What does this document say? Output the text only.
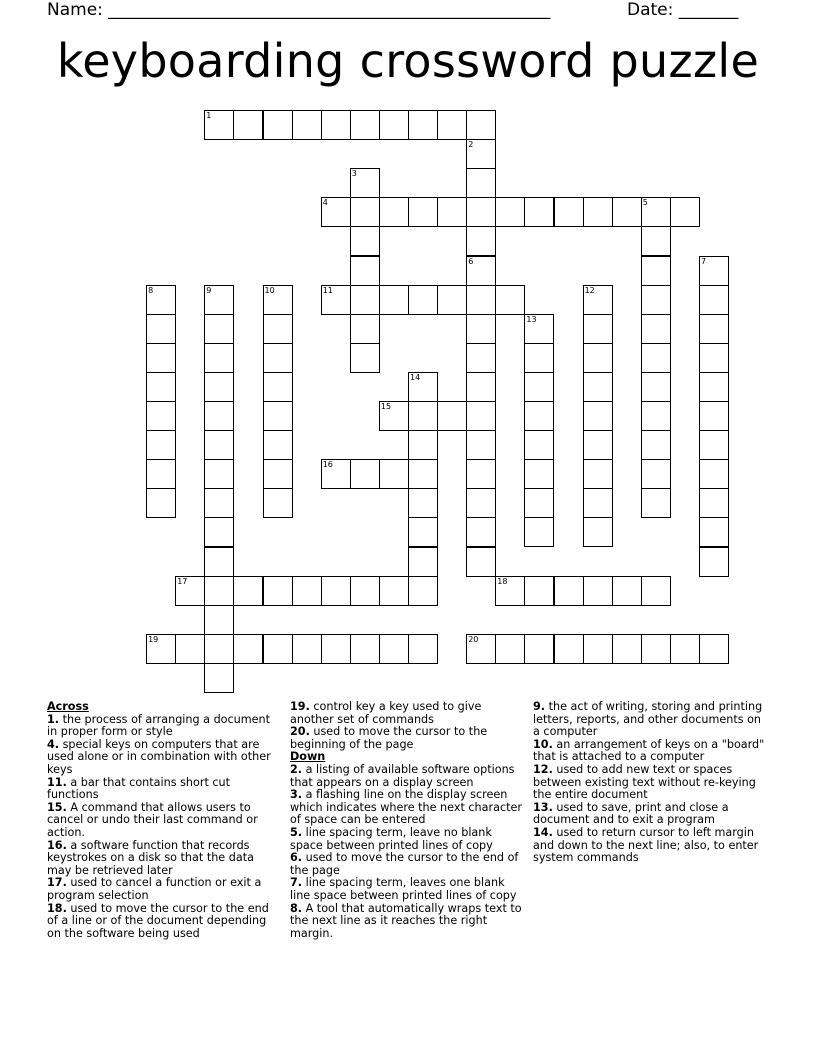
Name: ____________________________________________________	Date: _______
keyboarding crossword puzzle
1
2
3
4	5
6	7
8	9	10	11	12
13
14
15
16
17	18
19	20
Across
1. the process of arranging a document in proper form or style
4. special keys on computers that are used alone or in combination with other keys
11. a bar that contains short cut functions
15. A command that allows users to cancel or undo their last command or action.
16. a software function that records keystrokes on a disk so that the data may be retrieved later
17. used to cancel a function or exit a program selection
18. used to move the cursor to the end of a line or of the document depending on the software being used
19. control key a key used to give another set of commands
20. used to move the cursor to the beginning of the page
Down
2. a listing of available software options that appears on a display screen
3. a flashing line on the display screen which indicates where the next character of space can be entered
5. line spacing term, leave no blank space between printed lines of copy
6. used to move the cursor to the end of the page
7. line spacing term, leaves one blank line space between printed lines of copy
8. A tool that automatically wraps text to the next line as it reaches the right margin.
9. the act of writing, storing and printing letters, reports, and other documents on a computer
10. an arrangement of keys on a "board" that is attached to a computer
12. used to add new text or spaces between existing text without re-keying the entire document
13. used to save, print and close a document and to exit a program
14. used to return cursor to left margin and down to the next line; also, to enter system commands
